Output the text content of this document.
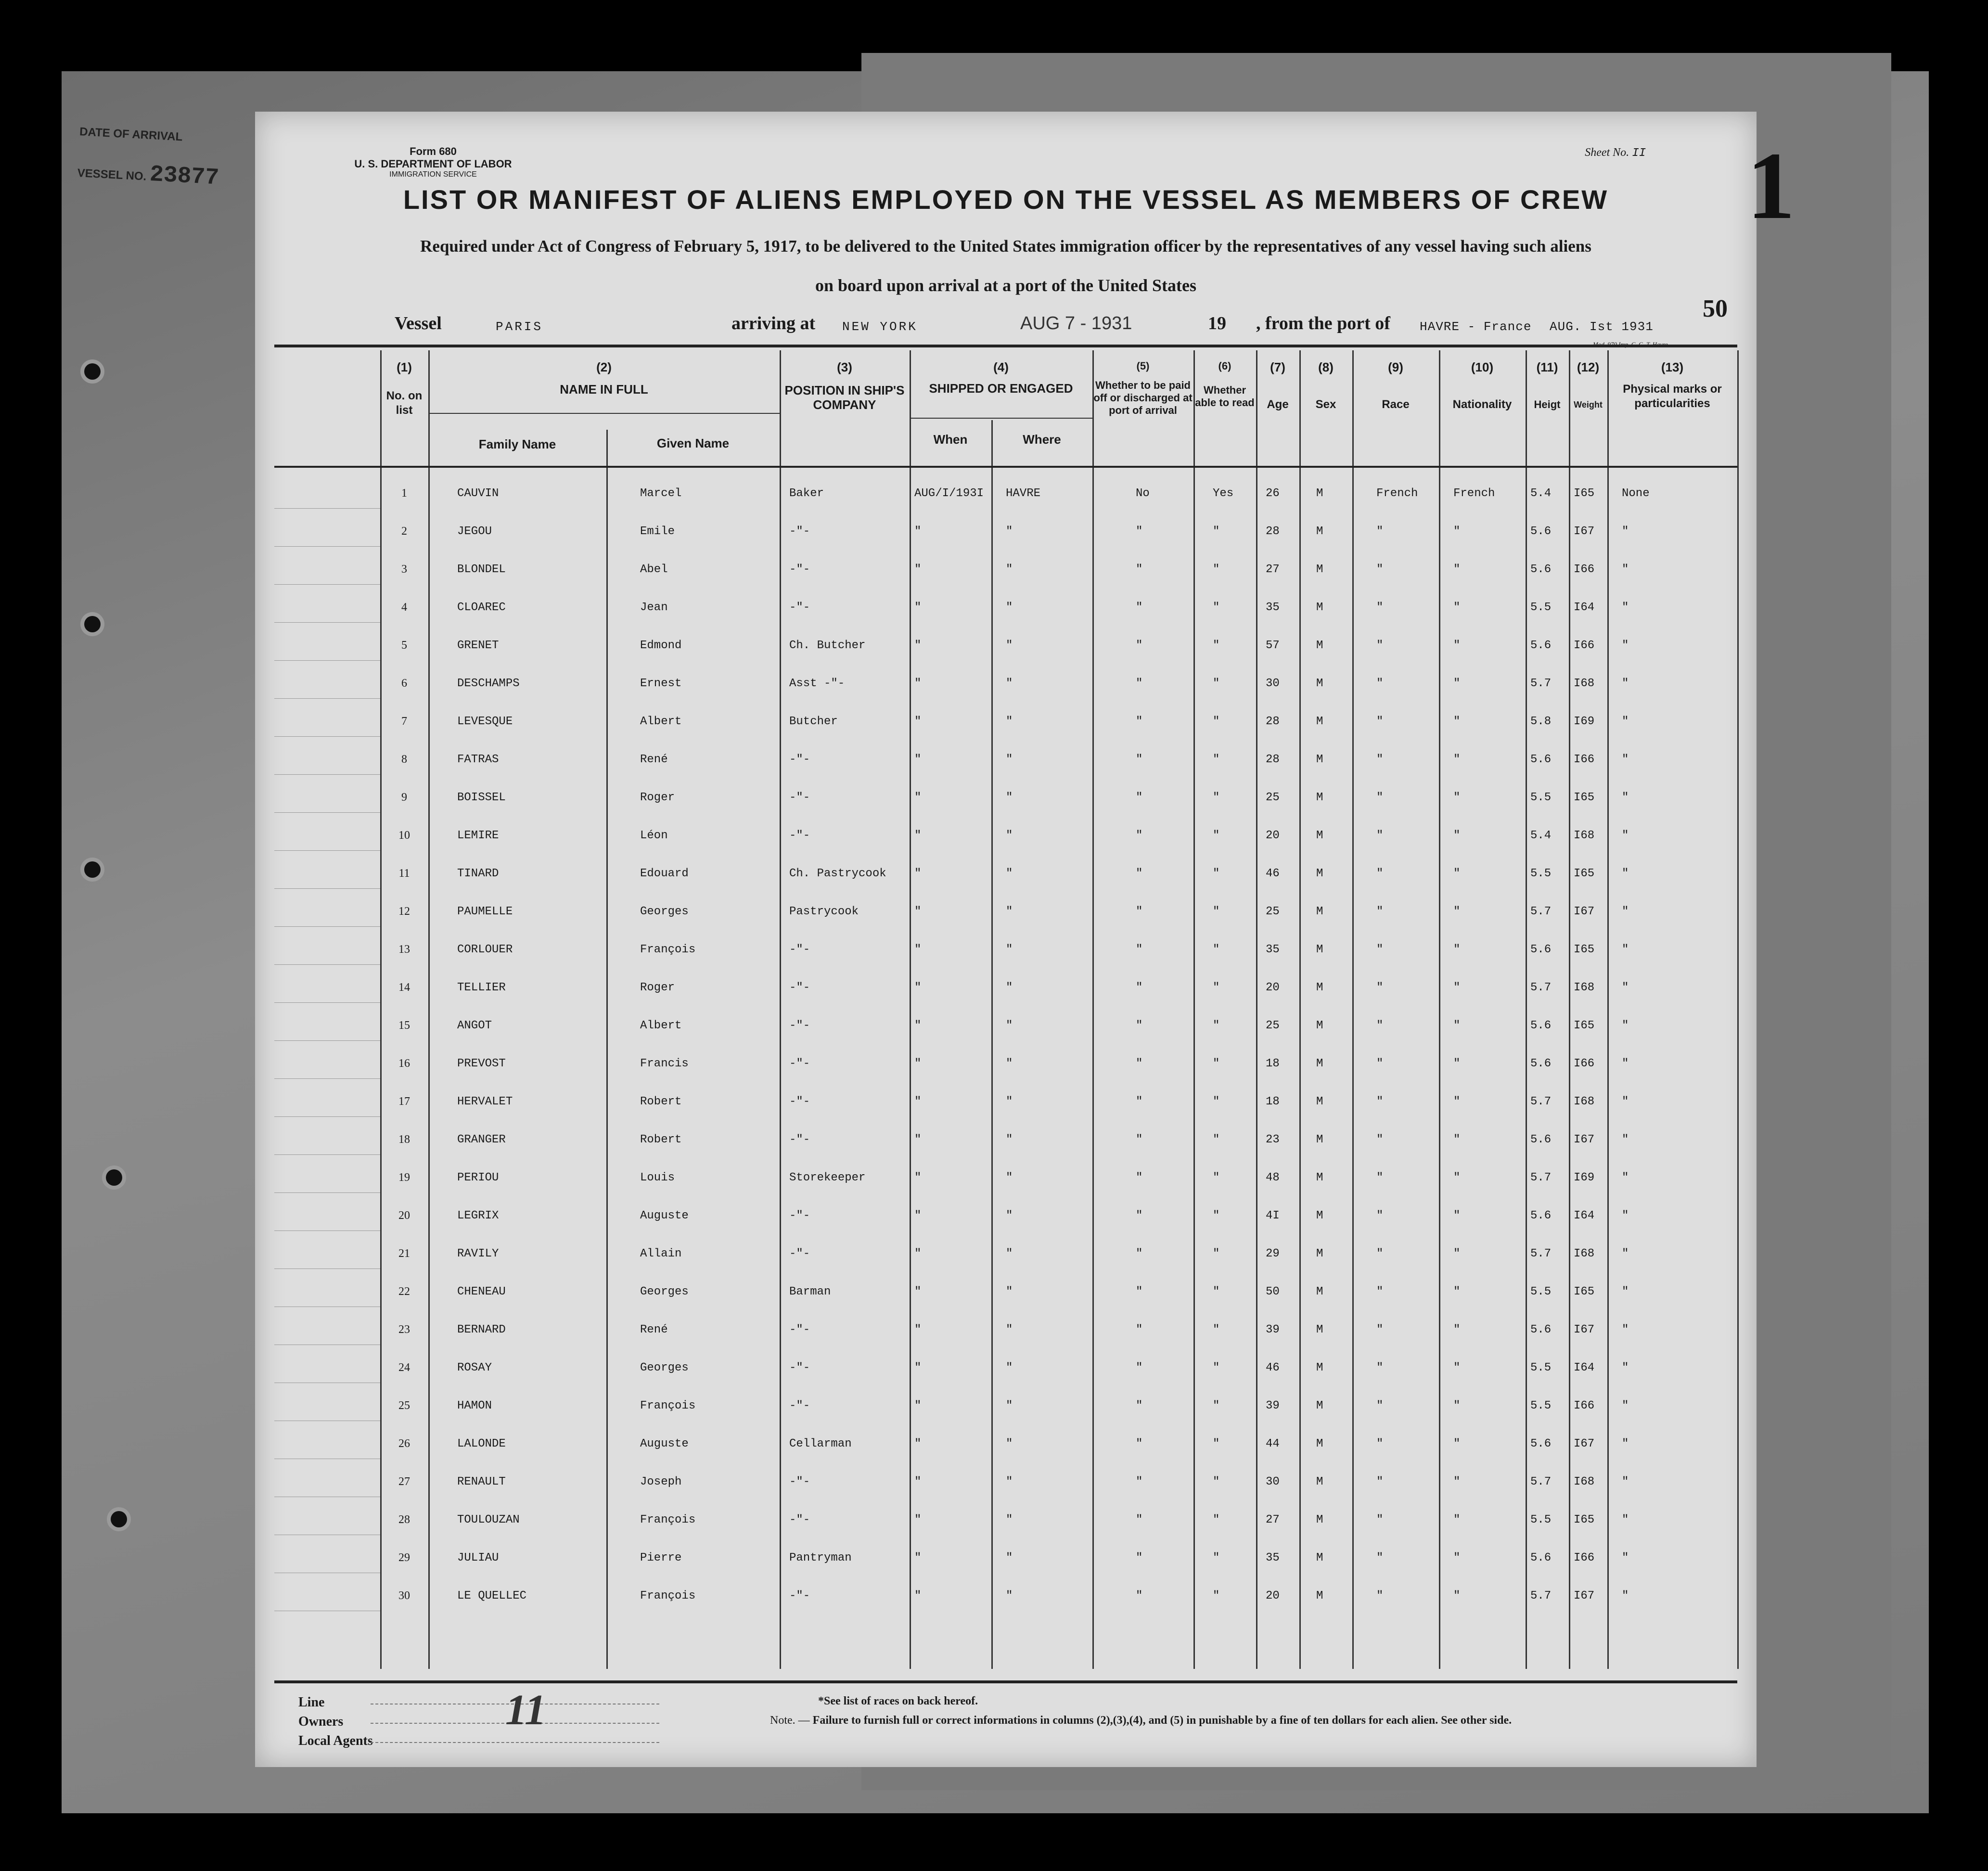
DATE OF ARRIVAL
VESSEL NO. 23877
Form 680
U. S. DEPARTMENT OF LABOR
IMMIGRATION SERVICE
Sheet No. II 1
LIST OR MANIFEST OF ALIENS EMPLOYED ON THE VESSEL AS MEMBERS OF CREW
Required under Act of Congress of February 5, 1917, to be delivered to the United States immigration officer by the representatives of any vessel having such aliens
on board upon arrival at a port of the United States
50
Vessel	PARIS	arriving at NEW YORK	AUG 7 - 1931	19 , from the port of HAVRE - France AUG. Ist 1931
(1)
No. on list
(2)
NAME IN FULL
Family Name	Given Name
(3)
POSITION IN SHIP'S COMPANY
(4)
SHIPPED OR ENGAGED
When	Where
(5)
Whether to be paid off or discharged at port of arrival
(6)
Whether able to read
(7)
Age
(8)
Sex
(9)
Race
(10)
Nationality
(11)
Heigt
(12)
Weight
(13)
Physical marks or particularities
1	CAUVIN	Marcel	Baker	AUG/I/193I HAVRE	No	Yes	26	M	French	French	5.4 I65 None
2	JEGOU	Emile	-"-	"	"	"	"	28	M	"	"	5.6 I67 "
3	BLONDEL	Abel	-"-	"	"	"	"	27	M	"	"	5.6 I66 "
4	CLOAREC	Jean	-"-	"	"	"	"	35	M	"	"	5.5 I64 "
5	GRENET	Edmond	Ch. Butcher	"	"	"	"	57	M	"	"	5.6 I66 "
6	DESCHAMPS	Ernest	Asst -"-	"	"	"	"	30	M	"	"	5.7 I68 "
7	LEVESQUE	Albert	Butcher	"	"	"	"	28	M	"	"	5.8 I69 "
8	FATRAS	René	-"-	"	"	"	"	28	M	"	"	5.6 I66 "
9	BOISSEL	Roger	-"-	"	"	"	"	25	M	"	"	5.5 I65 "
10	LEMIRE	Léon	-"-	"	"	"	"	20	M	"	"	5.4 I68 "
11	TINARD	Edouard	Ch. Pastrycook "	"	"	"	46	M	"	"	5.5 I65 "
12	PAUMELLE	Georges	Pastrycook	"	"	"	"	25	M	"	"	5.7 I67 "
13	CORLOUER	François	-"-	"	"	"	"	35	M	"	"	5.6 I65 "
14	TELLIER	Roger	-"-	"	"	"	"	20	M	"	"	5.7 I68 "
15	ANGOT	Albert	-"-	"	"	"	"	25	M	"	"	5.6 I65 "
16	PREVOST	Francis	-"-	"	"	"	"	18	M	"	"	5.6 I66 "
17	HERVALET	Robert	-"-	"	"	"	"	18	M	"	"	5.7 I68 "
18	GRANGER	Robert	-"-	"	"	"	"	23	M	"	"	5.6 I67 "
19	PERIOU	Louis	Storekeeper	"	"	"	"	48	M	"	"	5.7 I69 "
20	LEGRIX	Auguste	-"-	"	"	"	"	4I	M	"	"	5.6 I64 "
21	RAVILY	Allain	-"-	"	"	"	"	29	M	"	"	5.7 I68 "
22	CHENEAU	Georges	Barman	"	"	"	"	50	M	"	"	5.5 I65 "
23	BERNARD	René	-"-	"	"	"	"	39	M	"	"	5.6 I67 "
24	ROSAY	Georges	-"-	"	"	"	"	46	M	"	"	5.5 I64 "
25	HAMON	François	-"-	"	"	"	"	39	M	"	"	5.5 I66 "
26	LALONDE	Auguste	Cellarman	"	"	"	"	44	M	"	"	5.6 I67 "
27	RENAULT	Joseph	-"-	"	"	"	"	30	M	"	"	5.7 I68 "
28	TOULOUZAN	François	-"-	"	"	"	"	27	M	"	"	5.5 I65 "
29	JULIAU	Pierre	Pantryman	"	"	"	"	35	M	"	"	5.6 I66 "
30	LE QUELLEC	François	-"-	"	"	"	"	20	M	"	"	5.7 I67 "
Line
Owners
Local Agents
11	*See list of races on back hereof.
Note. — Failure to furnish full or correct informations in columns (2),(3),(4), and (5) in punishable by a fine of ten dollars for each alien. See other side.
